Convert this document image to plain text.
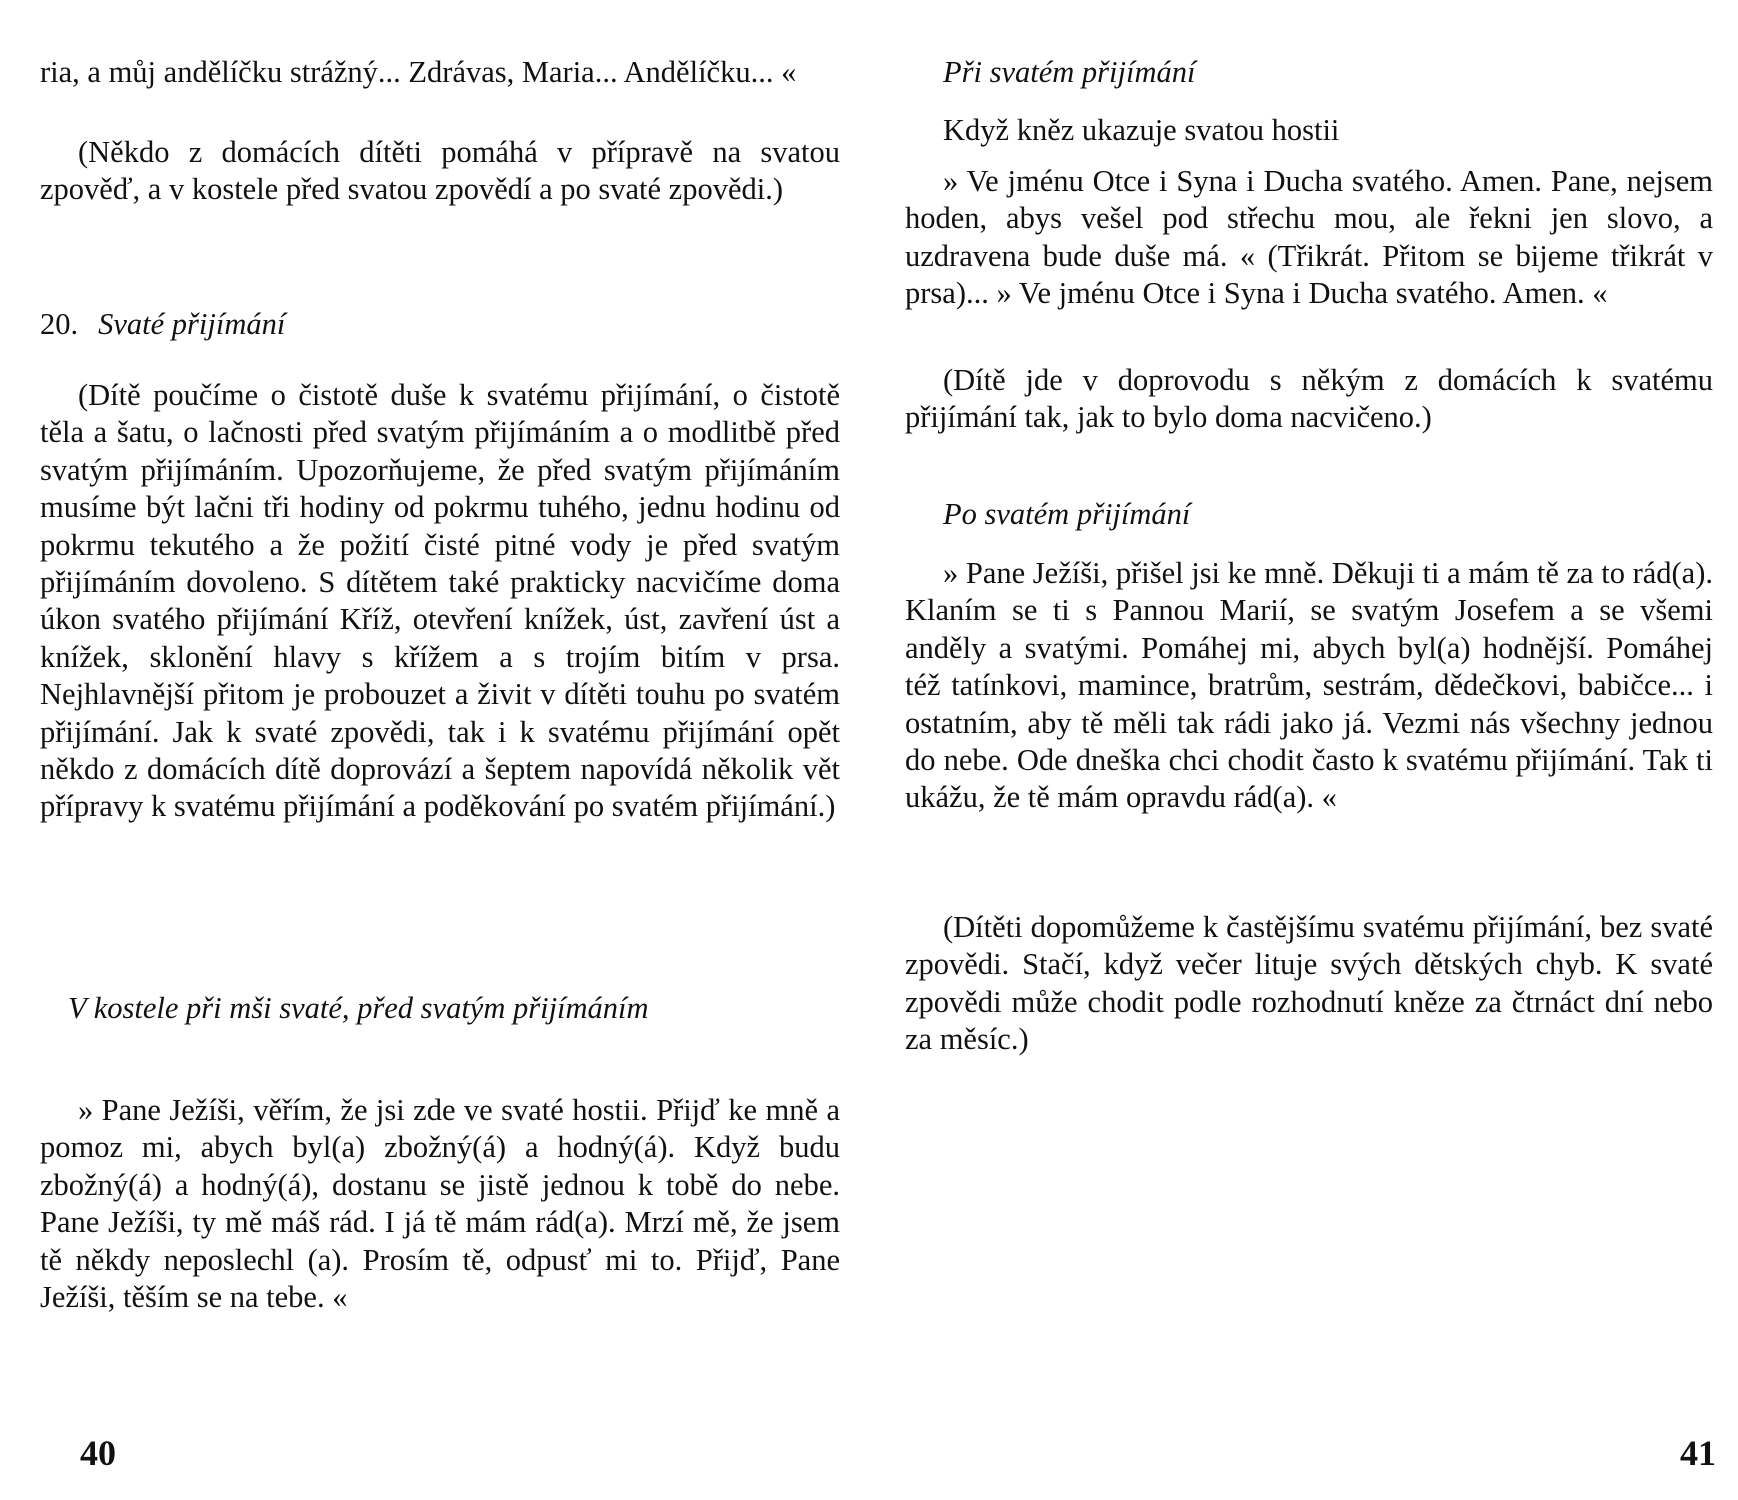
ria, a můj andělíčku strážný... Zdrávas, Maria... Andělíčku... «

(Někdo z domácích dítěti pomáhá v přípravě na svatou zpověď, a v kostele před svatou zpovědí a po svaté zpovědi.)

20. Svaté přijímání

(Dítě poučíme o čistotě duše k svatému přijímání, o čistotě těla a šatu, o lačnosti před svatým přijímáním a o modlitbě před svatým přijímáním. Upozorňujeme, že před svatým přijímáním musíme být lačni tři hodiny od pokrmu tuhého, jednu hodinu od pokrmu tekutého a že požití čisté pitné vody je před svatým přijímáním dovoleno. S dítětem také prakticky nacvičíme doma úkon svatého přijímání Kříž, otevření knížek, úst, zavření úst a knížek, sklonění hlavy s křížem a s trojím bitím v prsa. Nejhlavnější přitom je probouzet a živit v dítěti touhu po svatém přijímání. Jak k svaté zpovědi, tak i k svatému přijímání opět někdo z domácích dítě doprovází a šeptem napovídá několik vět přípravy k svatému přijímání a poděkování po svatém přijímání.)

V kostele při mši svaté, před svatým přijímáním

» Pane Ježíši, věřím, že jsi zde ve svaté hostii. Přijď ke mně a pomoz mi, abych byl(a) zbožný(á) a hodný(á). Když budu zbožný(á) a hodný(á), dostanu se jistě jednou k tobě do nebe. Pane Ježíši, ty mě máš rád. I já tě mám rád(a). Mrzí mě, že jsem tě někdy neposlechl (a). Prosím tě, odpusť mi to. Přijď, Pane Ježíši, těším se na tebe. «

40

Při svatém přijímání

Když kněz ukazuje svatou hostii

» Ve jménu Otce i Syna i Ducha svatého. Amen. Pane, nejsem hoden, abys vešel pod střechu mou, ale řekni jen slovo, a uzdravena bude duše má. « (Třikrát. Přitom se bijeme třikrát v prsa)... » Ve jménu Otce i Syna i Ducha svatého. Amen. «

(Dítě jde v doprovodu s někým z domácích k svatému přijímání tak, jak to bylo doma nacvičeno.)

Po svatém přijímání

» Pane Ježíši, přišel jsi ke mně. Děkuji ti a mám tě za to rád(a). Klaním se ti s Pannou Marií, se svatým Josefem a se všemi anděly a svatými. Pomáhej mi, abych byl(a) hodnější. Pomáhej též tatínkovi, mamince, bratrům, sestrám, dědečkovi, babičce... i ostatním, aby tě měli tak rádi jako já. Vezmi nás všechny jednou do nebe. Ode dneška chci chodit často k svatému přijímání. Tak ti ukážu, že tě mám opravdu rád(a). «

(Dítěti dopomůžeme k častějšímu svatému přijímání, bez svaté zpovědi. Stačí, když večer lituje svých dětských chyb. K svaté zpovědi může chodit podle rozhodnutí kněze za čtrnáct dní nebo za měsíc.)

41
